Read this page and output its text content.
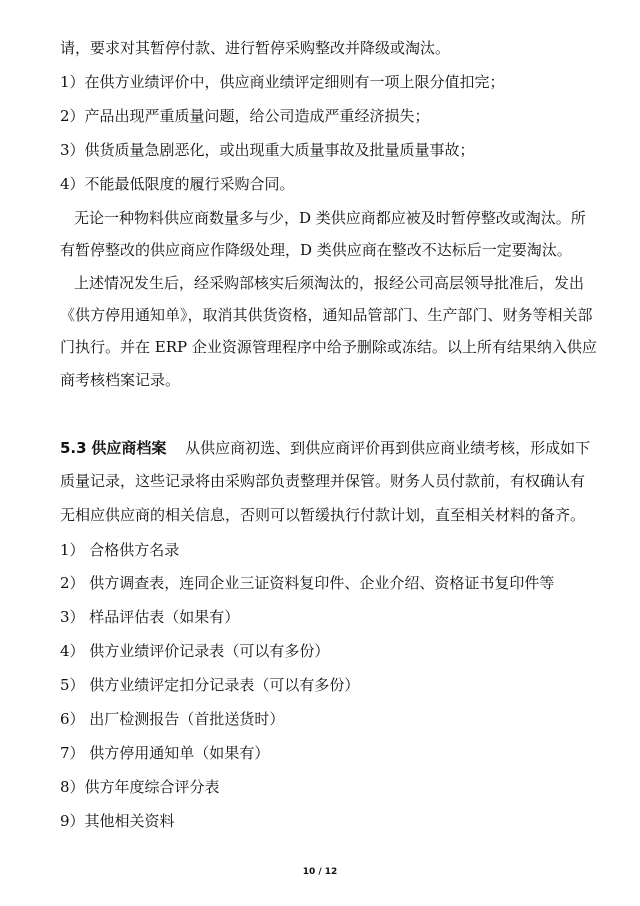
请，要求对其暂停付款、进行暂停采购整改并降级或淘汰。
1）在供方业绩评价中，供应商业绩评定细则有一项上限分值扣完；
2）产品出现严重质量问题，给公司造成严重经济损失；
3）供货质量急剧恶化，或出现重大质量事故及批量质量事故；
4）不能最低限度的履行采购合同。
无论一种物料供应商数量多与少，D 类供应商都应被及时暂停整改或淘汰。所
有暂停整改的供应商应作降级处理，D 类供应商在整改不达标后一定要淘汰。
上述情况发生后，经采购部核实后须淘汰的，报经公司高层领导批准后，发出
《供方停用通知单》，取消其供货资格，通知品管部门、生产部门、财务等相关部
门执行。并在 ERP 企业资源管理程序中给予删除或冻结。以上所有结果纳入供应
商考核档案记录。
5.3 供应商档案 从供应商初选、到供应商评价再到供应商业绩考核，形成如下
质量记录，这些记录将由采购部负责整理并保管。财务人员付款前，有权确认有
无相应供应商的相关信息，否则可以暂缓执行付款计划，直至相关材料的备齐。
1） 合格供方名录
2） 供方调查表，连同企业三证资料复印件、企业介绍、资格证书复印件等
3） 样品评估表（如果有）
4） 供方业绩评价记录表（可以有多份）
5） 供方业绩评定扣分记录表（可以有多份）
6） 出厂检测报告（首批送货时）
7） 供方停用通知单（如果有）
8）供方年度综合评分表
9）其他相关资料
10 / 12
